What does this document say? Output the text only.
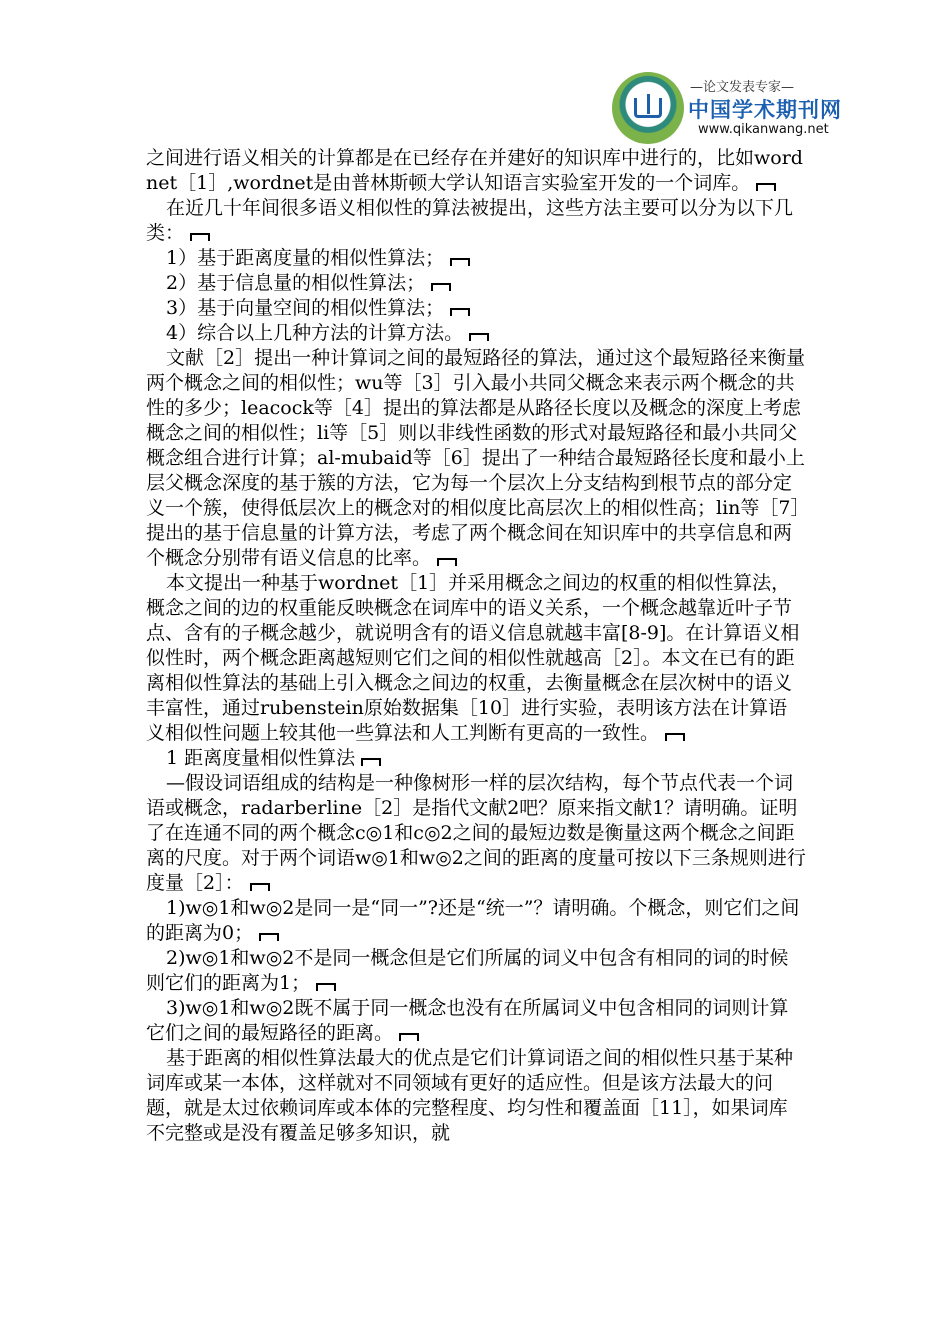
—论文发表专家—
中国学术期刊网
www.qikanwang.net

之间进行语义相关的计算都是在已经存在并建好的知识库中进行的，比如wordnet［1］,wordnet是由普林斯顿大学认知语言实验室开发的一个词库。

在近几十年间很多语义相似性的算法被提出，这些方法主要可以分为以下几类：

1）基于距离度量的相似性算法；

2）基于信息量的相似性算法；

3）基于向量空间的相似性算法；

4）综合以上几种方法的计算方法。

文献［2］提出一种计算词之间的最短路径的算法，通过这个最短路径来衡量两个概念之间的相似性；wu等［3］引入最小共同父概念来表示两个概念的共性的多少；leacock等［4］提出的算法都是从路径长度以及概念的深度上考虑概念之间的相似性；li等［5］则以非线性函数的形式对最短路径和最小共同父概念组合进行计算；al-mubaid等［6］提出了一种结合最短路径长度和最小上层父概念深度的基于簇的方法，它为每一个层次上分支结构到根节点的部分定义一个簇，使得低层次上的概念对的相似度比高层次上的相似性高；lin等［7］提出的基于信息量的计算方法，考虑了两个概念间在知识库中的共享信息和两个概念分别带有语义信息的比率。

本文提出一种基于wordnet［1］并采用概念之间边的权重的相似性算法，概念之间的边的权重能反映概念在词库中的语义关系，一个概念越靠近叶子节点、含有的子概念越少，就说明含有的语义信息就越丰富[8-9]。在计算语义相似性时，两个概念距离越短则它们之间的相似性就越高［2］。本文在已有的距离相似性算法的基础上引入概念之间边的权重，去衡量概念在层次树中的语义丰富性，通过rubenstein原始数据集［10］进行实验，表明该方法在计算语义相似性问题上较其他一些算法和人工判断有更高的一致性。

1 距离度量相似性算法

—假设词语组成的结构是一种像树形一样的层次结构，每个节点代表一个词语或概念，radarberline［2］是指代文献2吧？原来指文献1？请明确。证明了在连通不同的两个概念c◎1和c◎2之间的最短边数是衡量这两个概念之间距离的尺度。对于两个词语w◎1和w◎2之间的距离的度量可按以下三条规则进行度量［2］：

1)w◎1和w◎2是同一是“同一”?还是“统一”？请明确。个概念，则它们之间的距离为0；

2)w◎1和w◎2不是同一概念但是它们所属的词义中包含有相同的词的时候则它们的距离为1；

3)w◎1和w◎2既不属于同一概念也没有在所属词义中包含相同的词则计算它们之间的最短路径的距离。

基于距离的相似性算法最大的优点是它们计算词语之间的相似性只基于某种词库或某一本体，这样就对不同领域有更好的适应性。但是该方法最大的问题，就是太过依赖词库或本体的完整程度、均匀性和覆盖面［11］，如果词库不完整或是没有覆盖足够多知识，就
